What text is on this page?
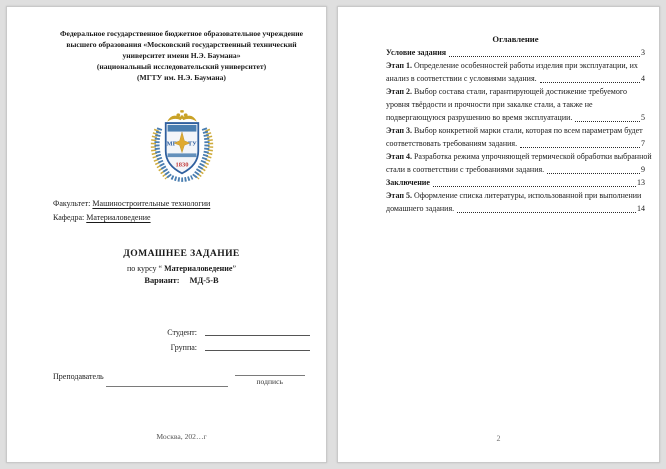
Федеральное государственное бюджетное образовательное учреждение
высшего образования «Московский государственный технический
университет имени Н.Э. Баумана»
(национальный исследовательский университет)
(МГТУ им. Н.Э. Баумана)
МГ ТУ
1830
Факультет: Машиностроительные технологии
Кафедра: Материаловедение
ДОМАШНЕЕ ЗАДАНИЕ
по курсу “ Материаловедение”
Вариант: МД-5-В
Студент:
Группа:
Преподаватель
подпись
Москва, 202…г
Оглавление
Условие задания	3
Этап 1. Определение особенностей работы изделия при эксплуатации, их
анализ в соответствии с условиями задания.	4
Этап 2. Выбор состава стали, гарантирующей достижение требуемого
уровня твёрдости и прочности при закалке стали, а также не
подвергающуюся разрушению во время эксплуатации.	5
Этап 3. Выбор конкретной марки стали, которая по всем параметрам будет
соответствовать требованиям задания.	7
Этап 4. Разработка режима упрочняющей термической обработки выбранной
стали в соответствии с требованиями задания.	9
Заключение	13
Этап 5. Оформление списка литературы, использованной при выполнении
домашнего задания.	14
2
